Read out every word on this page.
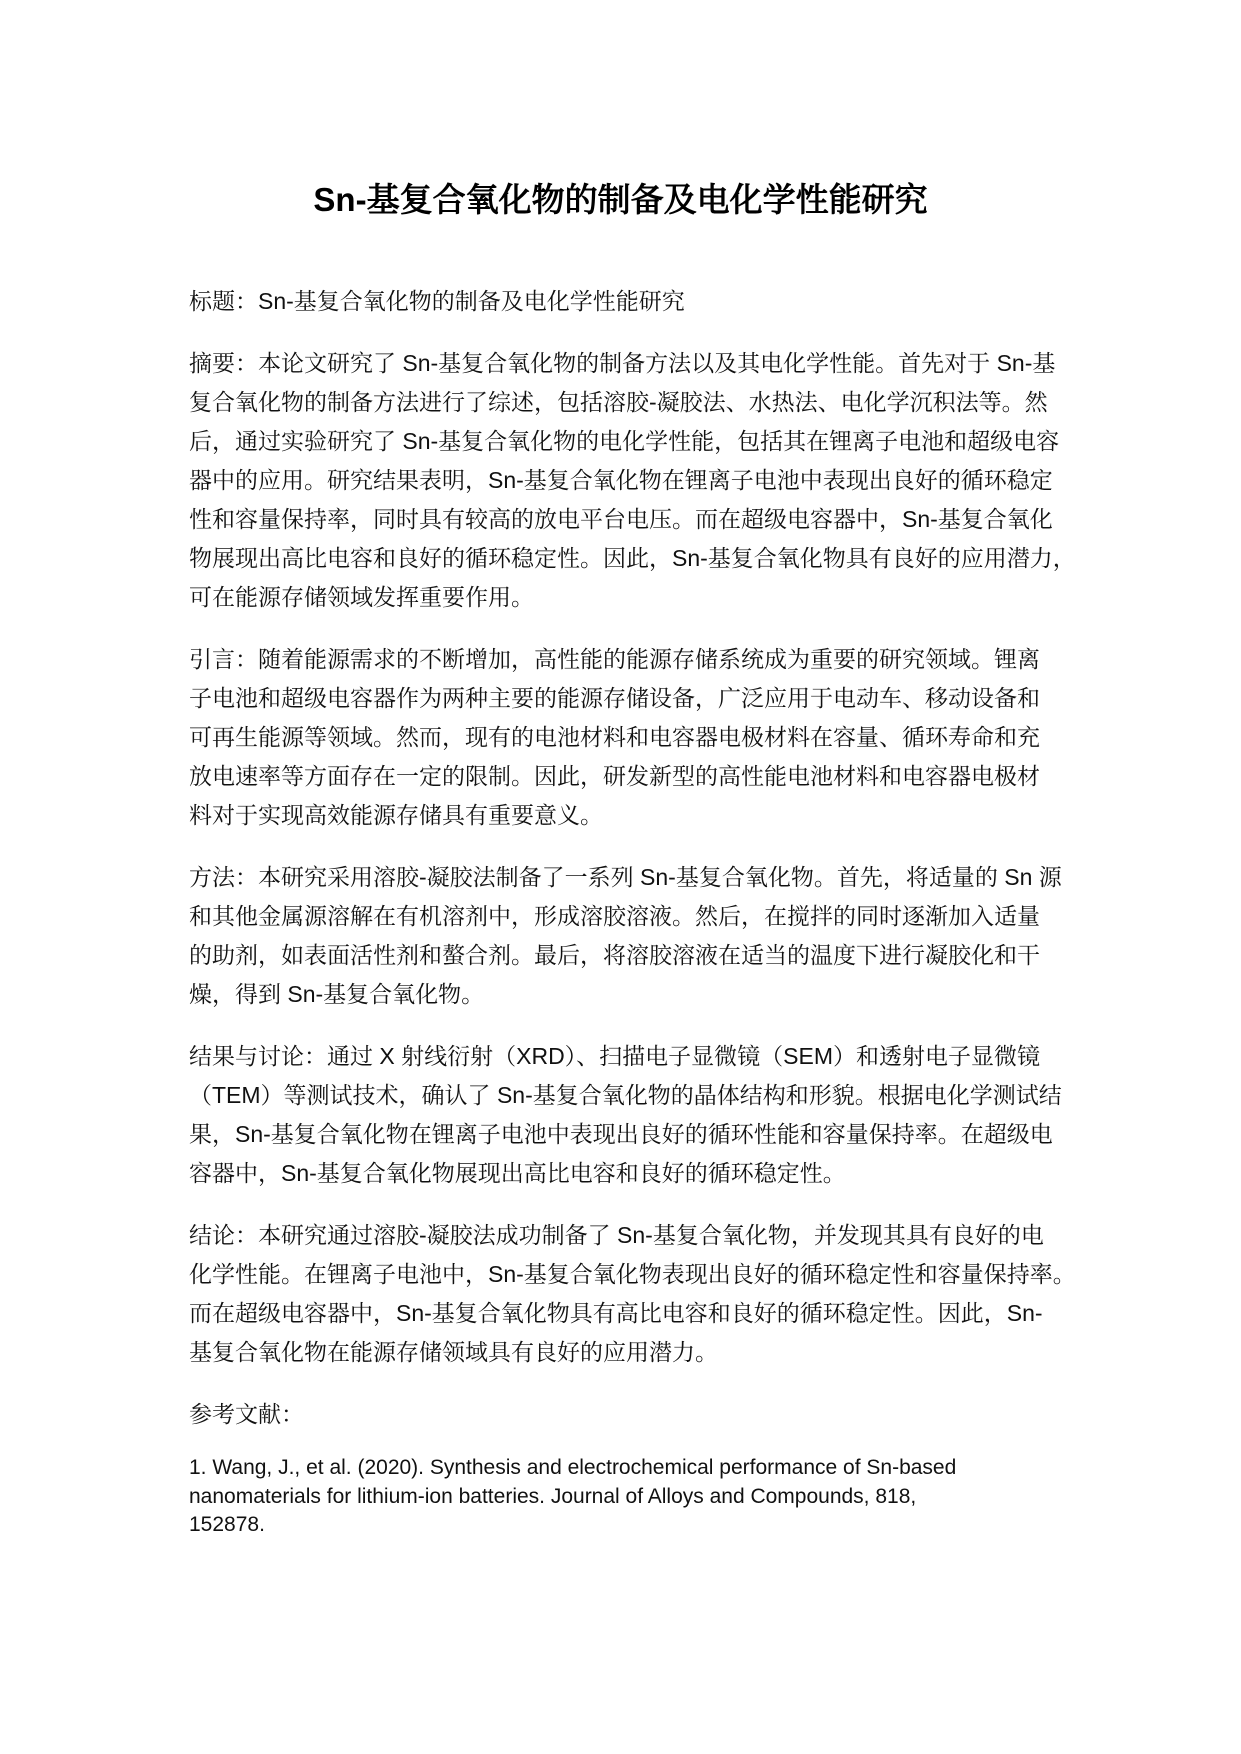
Sn-基复合氧化物的制备及电化学性能研究
标题：Sn-基复合氧化物的制备及电化学性能研究
摘要：本论文研究了 Sn-基复合氧化物的制备方法以及其电化学性能。首先对于 Sn-基
复合氧化物的制备方法进行了综述，包括溶胶-凝胶法、水热法、电化学沉积法等。然
后，通过实验研究了 Sn-基复合氧化物的电化学性能，包括其在锂离子电池和超级电容
器中的应用。研究结果表明，Sn-基复合氧化物在锂离子电池中表现出良好的循环稳定
性和容量保持率，同时具有较高的放电平台电压。而在超级电容器中，Sn-基复合氧化
物展现出高比电容和良好的循环稳定性。因此，Sn-基复合氧化物具有良好的应用潜力，
可在能源存储领域发挥重要作用。
引言：随着能源需求的不断增加，高性能的能源存储系统成为重要的研究领域。锂离
子电池和超级电容器作为两种主要的能源存储设备，广泛应用于电动车、移动设备和
可再生能源等领域。然而，现有的电池材料和电容器电极材料在容量、循环寿命和充
放电速率等方面存在一定的限制。因此，研发新型的高性能电池材料和电容器电极材
料对于实现高效能源存储具有重要意义。
方法：本研究采用溶胶-凝胶法制备了一系列 Sn-基复合氧化物。首先，将适量的 Sn 源
和其他金属源溶解在有机溶剂中，形成溶胶溶液。然后，在搅拌的同时逐渐加入适量
的助剂，如表面活性剂和螯合剂。最后，将溶胶溶液在适当的温度下进行凝胶化和干
燥，得到 Sn-基复合氧化物。
结果与讨论：通过 X 射线衍射（XRD）、扫描电子显微镜（SEM）和透射电子显微镜
（TEM）等测试技术，确认了 Sn-基复合氧化物的晶体结构和形貌。根据电化学测试结
果，Sn-基复合氧化物在锂离子电池中表现出良好的循环性能和容量保持率。在超级电
容器中，Sn-基复合氧化物展现出高比电容和良好的循环稳定性。
结论：本研究通过溶胶-凝胶法成功制备了 Sn-基复合氧化物，并发现其具有良好的电
化学性能。在锂离子电池中，Sn-基复合氧化物表现出良好的循环稳定性和容量保持率。
而在超级电容器中，Sn-基复合氧化物具有高比电容和良好的循环稳定性。因此，Sn-
基复合氧化物在能源存储领域具有良好的应用潜力。
参考文献：
1. Wang, J., et al. (2020). Synthesis and electrochemical performance of Sn-based
nanomaterials for lithium-ion batteries. Journal of Alloys and Compounds, 818,
152878.
